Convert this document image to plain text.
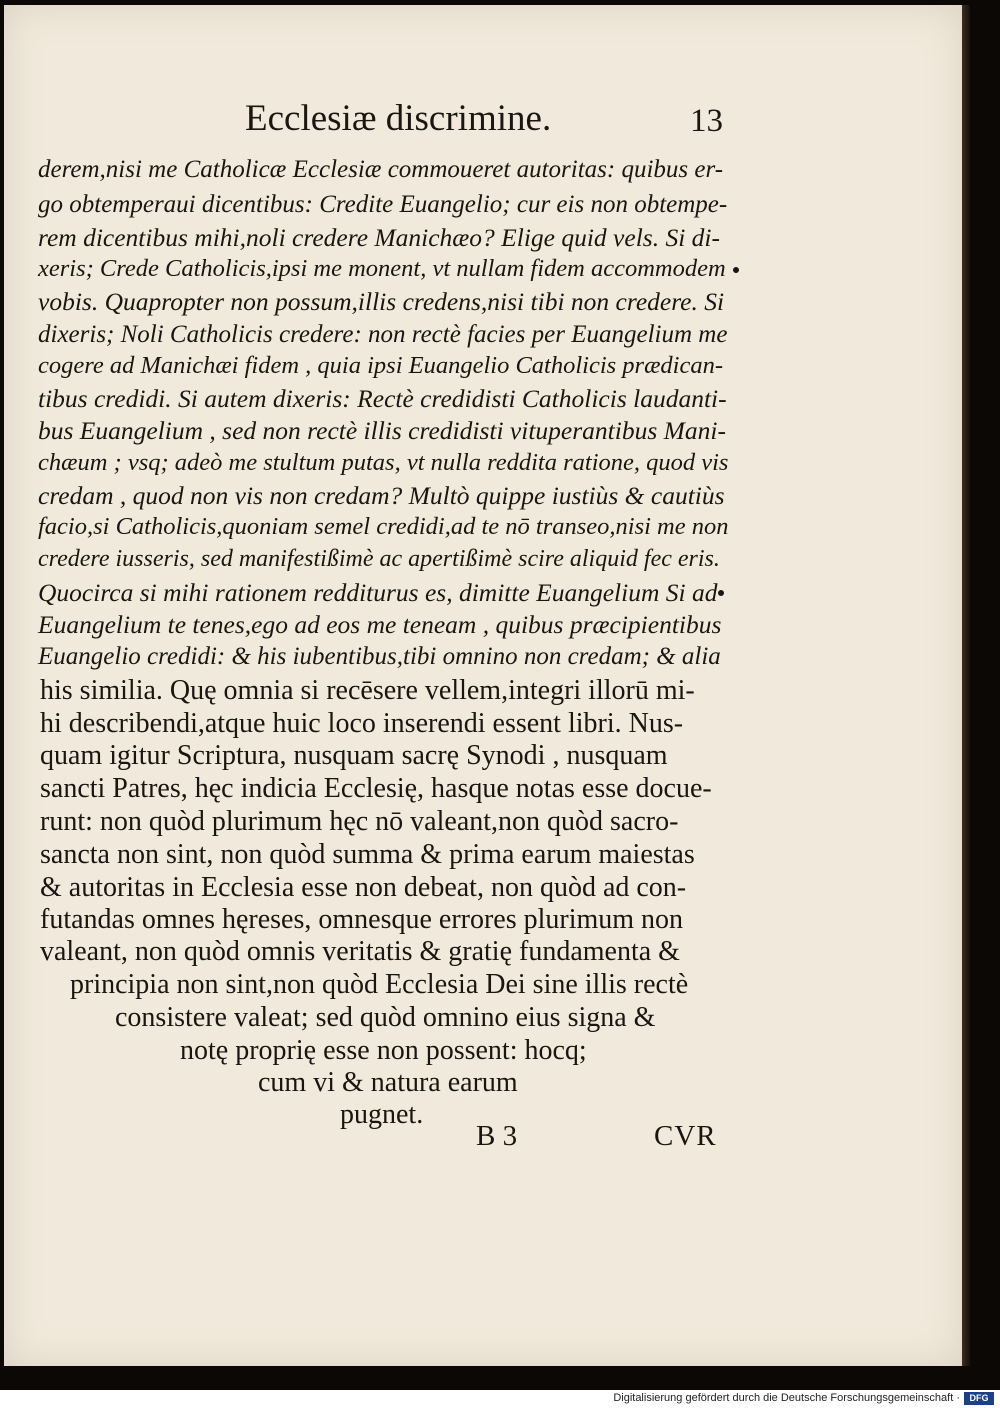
Ecclesiæ discrimine.	13
derem,nisi me Catholicæ Ecclesiæ commoueret autoritas: quibus er-
go obtemperaui dicentibus: Credite Euangelio; cur eis non obtempe-
rem dicentibus mihi,noli credere Manichæo? Elige quid vels. Si di-
xeris; Crede Catholicis,ipsi me monent, vt nullam fidem accommodem
vobis. Quapropter non possum,illis credens,nisi tibi non credere. Si
dixeris; Noli Catholicis credere: non rectè facies per Euangelium me
cogere ad Manichæi fidem , quia ipsi Euangelio Catholicis prædican-
tibus credidi. Si autem dixeris: Rectè credidisti Catholicis laudanti-
bus Euangelium , sed non rectè illis credidisti vituperantibus Mani-
chæum ; vsq; adeò me stultum putas, vt nulla reddita ratione, quod vis
credam , quod non vis non credam? Multò quippe iustiùs & cautiùs
facio,si Catholicis,quoniam semel credidi,ad te nō transeo,nisi me non
credere iusseris, sed manifestißimè ac apertißimè scire aliquid fec eris.
Quocirca si mihi rationem redditurus es, dimitte Euangelium Si ad
Euangelium te tenes,ego ad eos me teneam , quibus præcipientibus
Euangelio credidi: & his iubentibus,tibi omnino non credam; & alia
his similia. Quę omnia si recēsere vellem,integri illorū mi-
hi describendi,atque huic loco inserendi essent libri. Nus-
quam igitur Scriptura, nusquam sacrę Synodi , nusquam
sancti Patres, hęc indicia Ecclesię, hasque notas esse docue-
runt: non quòd plurimum hęc nō valeant,non quòd sacro-
sancta non sint, non quòd summa & prima earum maiestas
& autoritas in Ecclesia esse non debeat, non quòd ad con-
futandas omnes hęreses, omnesque errores plurimum non
valeant, non quòd omnis veritatis & gratię fundamenta &
principia non sint,non quòd Ecclesia Dei sine illis rectè
consistere valeat; sed quòd omnino eius signa &
notę proprię esse non possent: hocq;
cum vi & natura earum
pugnet.
B 3	CVR
Digitalisierung gefördert durch die Deutsche Forschungsgemeinschaft ·	DFG
